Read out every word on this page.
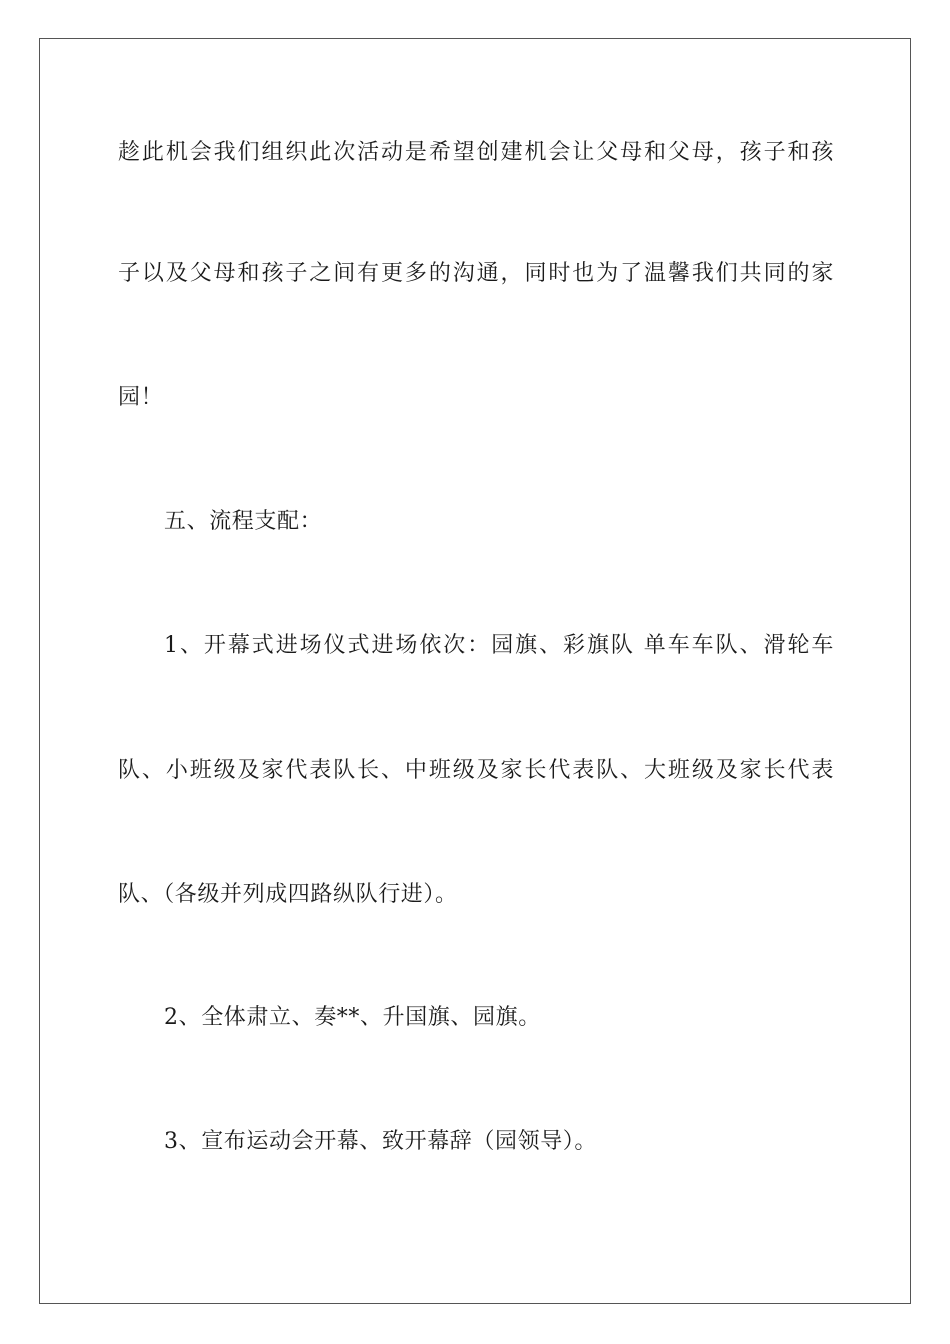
趁此机会我们组织此次活动是希望创建机会让父母和父母，孩子和孩
子以及父母和孩子之间有更多的沟通，同时也为了温馨我们共同的家
园！
五、流程支配：
1、开幕式进场仪式进场依次：园旗、彩旗队 单车车队、滑轮车
队、小班级及家代表队长、中班级及家长代表队、大班级及家长代表
队、（各级并列成四路纵队行进）。
2、全体肃立、奏**、升国旗、园旗。
3、宣布运动会开幕、致开幕辞（园领导）。
